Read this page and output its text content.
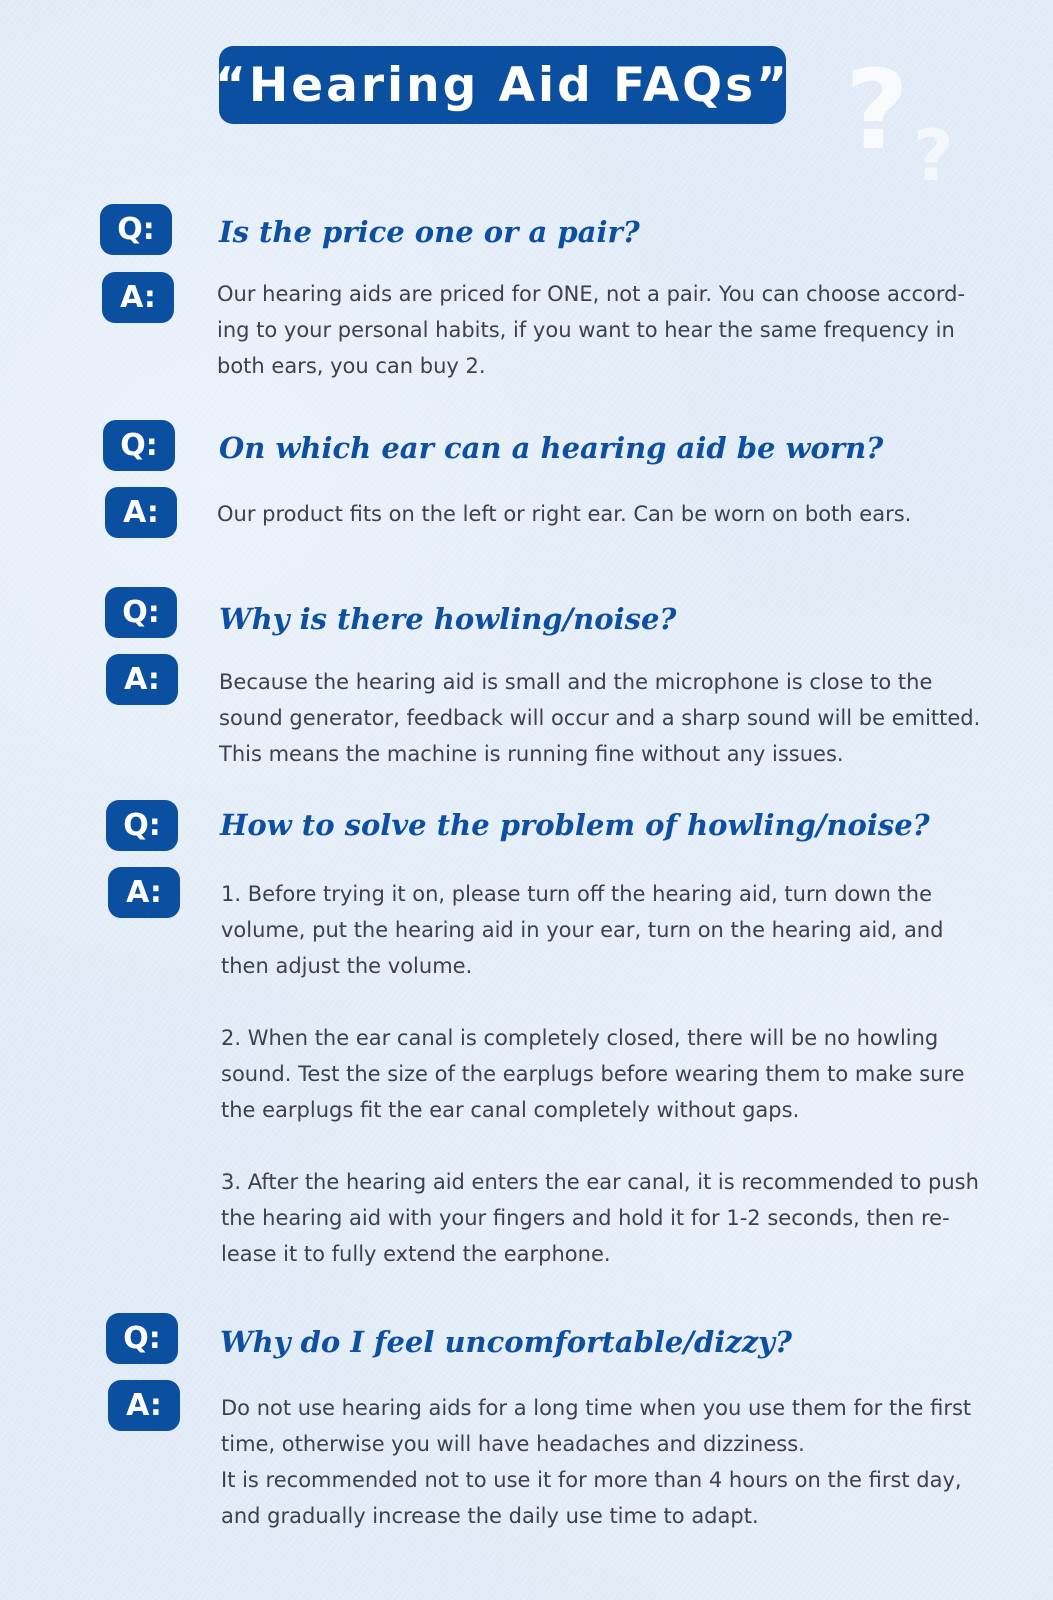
“Hearing Aid FAQs” ? ?
Q:	Is the price one or a pair?
A:	Our hearing aids are priced for ONE, not a pair. You can choose accord-

ing to your personal habits, if you want to hear the same frequency in

both ears, you can buy 2.

Q:	On which ear can a hearing aid be worn?
A:	Our product fits on the left or right ear. Can be worn on both ears.

Q:	Why is there howling/noise?
A:	Because the hearing aid is small and the microphone is close to the

sound generator, feedback will occur and a sharp sound will be emitted.

This means the machine is running fine without any issues.

Q:	How to solve the problem of howling/noise?
A:	1. Before trying it on, please turn off the hearing aid, turn down the

volume, put the hearing aid in your ear, turn on the hearing aid, and

then adjust the volume.

2. When the ear canal is completely closed, there will be no howling

sound. Test the size of the earplugs before wearing them to make sure

the earplugs fit the ear canal completely without gaps.

3. After the hearing aid enters the ear canal, it is recommended to push

the hearing aid with your fingers and hold it for 1-2 seconds, then re-

lease it to fully extend the earphone.

Q:	Why do I feel uncomfortable/dizzy?
A:	Do not use hearing aids for a long time when you use them for the first

time, otherwise you will have headaches and dizziness.

It is recommended not to use it for more than 4 hours on the first day,

and gradually increase the daily use time to adapt.
